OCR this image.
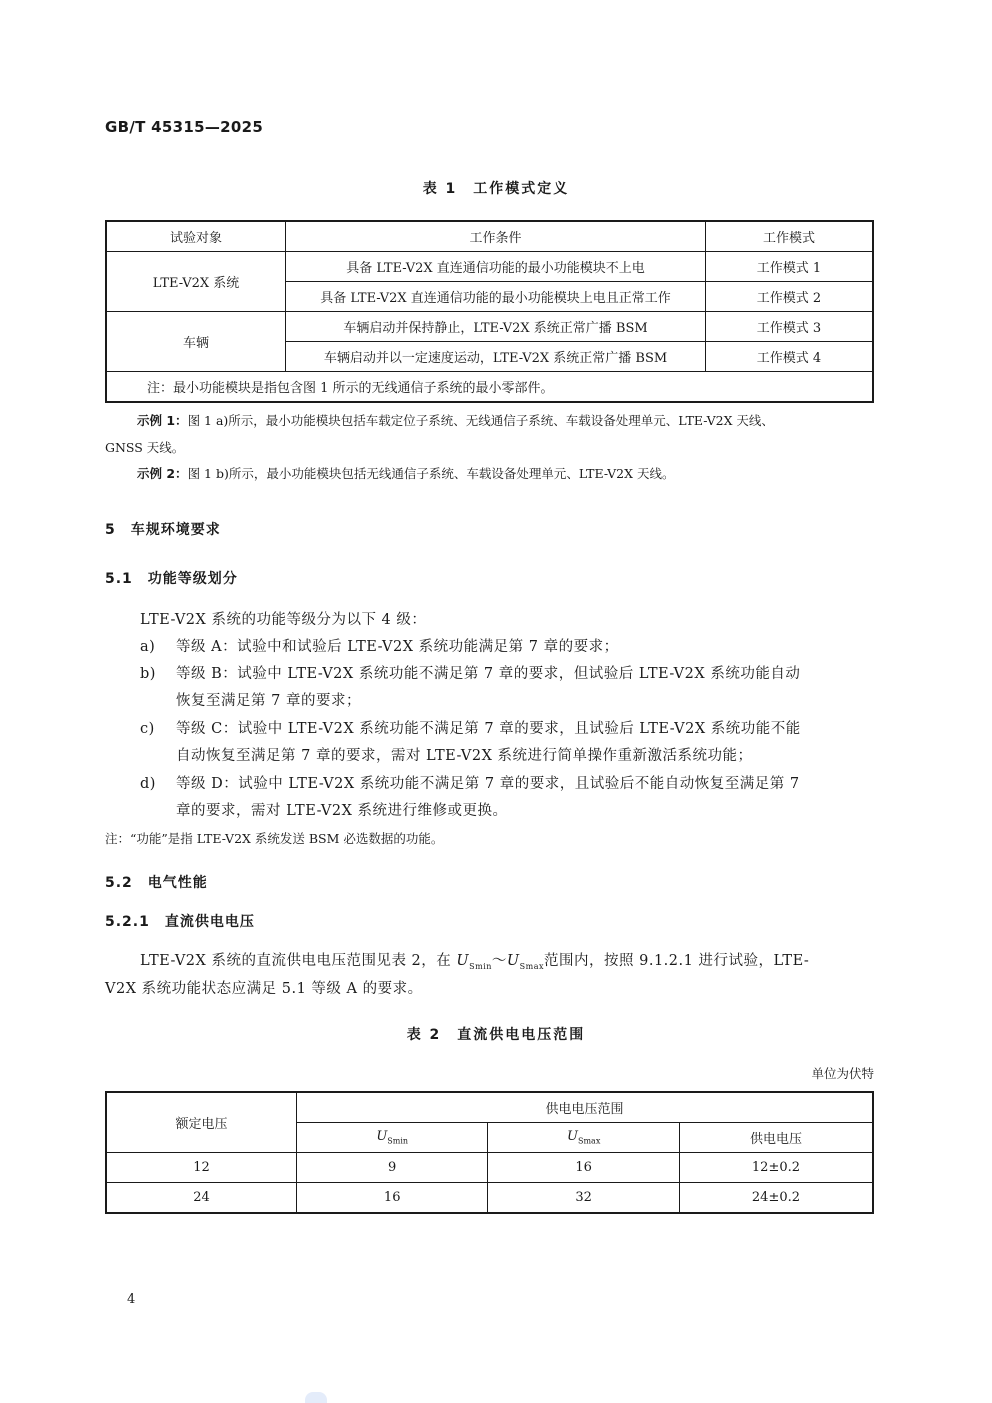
GB/T 45315—2025
表 1　工作模式定义
试验对象	工作条件	工作模式
LTE-V2X 系统	具备 LTE-V2X 直连通信功能的最小功能模块不上电	工作模式 1
	具备 LTE-V2X 直连通信功能的最小功能模块上电且正常工作	工作模式 2
车辆	车辆启动并保持静止，LTE-V2X 系统正常广播 BSM	工作模式 3
	车辆启动并以一定速度运动，LTE-V2X 系统正常广播 BSM	工作模式 4
注：最小功能模块是指包含图 1 所示的无线通信子系统的最小零部件。		
示例 1：图 1 a)所示，最小功能模块包括车载定位子系统、无线通信子系统、车载设备处理单元、LTE-V2X 天线、
GNSS 天线。
示例 2：图 1 b)所示，最小功能模块包括无线通信子系统、车载设备处理单元、LTE-V2X 天线。
5　车规环境要求
5.1　功能等级划分
LTE-V2X 系统的功能等级分为以下 4 级：
a) 等级 A：试验中和试验后 LTE-V2X 系统功能满足第 7 章的要求；
b) 等级 B：试验中 LTE-V2X 系统功能不满足第 7 章的要求，但试验后 LTE-V2X 系统功能自动
恢复至满足第 7 章的要求；
c) 等级 C：试验中 LTE-V2X 系统功能不满足第 7 章的要求，且试验后 LTE-V2X 系统功能不能
自动恢复至满足第 7 章的要求，需对 LTE-V2X 系统进行简单操作重新激活系统功能；
d) 等级 D：试验中 LTE-V2X 系统功能不满足第 7 章的要求，且试验后不能自动恢复至满足第 7
章的要求，需对 LTE-V2X 系统进行维修或更换。
注：“功能”是指 LTE-V2X 系统发送 BSM 必选数据的功能。
5.2　电气性能
5.2.1　直流供电电压
LTE-V2X 系统的直流供电电压范围见表 2，在 $U_{Smin}\sim U_{Smax}$范围内，按照 9.1.2.1 进行试验，LTE-
V2X 系统功能状态应满足 5.1 等级 A 的要求。
表 2　直流供电电压范围
单位为伏特
额定电压	供电电压范围		
	$U_{Smin}$	$U_{Smax}$	供电电压
12	9	16	12±0.2
24	16	32	24±0.2
4
